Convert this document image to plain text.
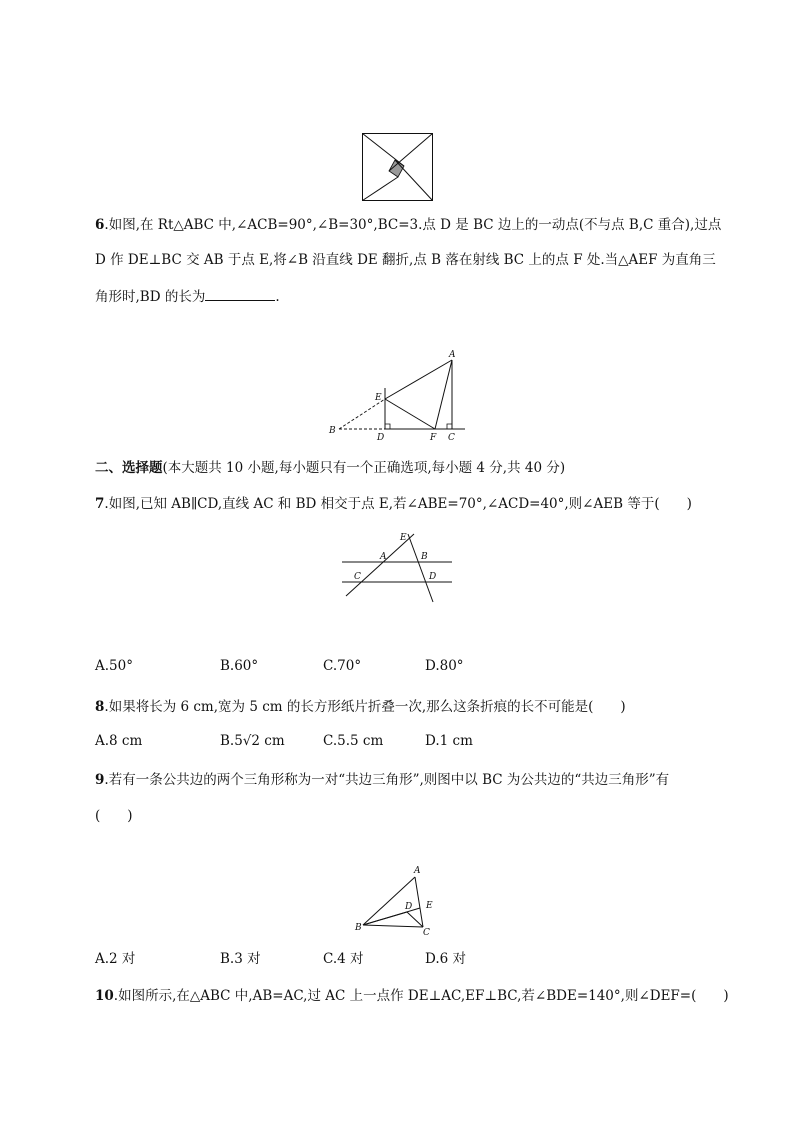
6.如图,在 Rt△ABC 中,∠ACB=90°,∠B=30°,BC=3.点 D 是 BC 边上的一动点(不与点 B,C 重合),过点
D 作 DE⊥BC 交 AB 于点 E,将∠B 沿直线 DE 翻折,点 B 落在射线 BC 上的点 F 处.当△AEF 为直角三
角形时,BD 的长为	.
A
B
E
D	F C
二、选择题(本大题共 10 小题,每小题只有一个正确选项,每小题 4 分,共 40 分)
7.如图,已知 AB∥CD,直线 AC 和 BD 相交于点 E,若∠ABE=70°,∠ACD=40°,则∠AEB 等于(　　)
E
A	B
C	D
A.50°	B.60°	C.70°	D.80°
8.如果将长为 6 cm,宽为 5 cm 的长方形纸片折叠一次,那么这条折痕的长不可能是(　　)
A.8 cm	B.5√2 cm	C.5.5 cm	D.1 cm
9.若有一条公共边的两个三角形称为一对“共边三角形”,则图中以 BC 为公共边的“共边三角形”有
(　　)
A
B	C
D E
A.2 对	B.3 对	C.4 对	D.6 对
10.如图所示,在△ABC 中,AB=AC,过 AC 上一点作 DE⊥AC,EF⊥BC,若∠BDE=140°,则∠DEF=(　　)
